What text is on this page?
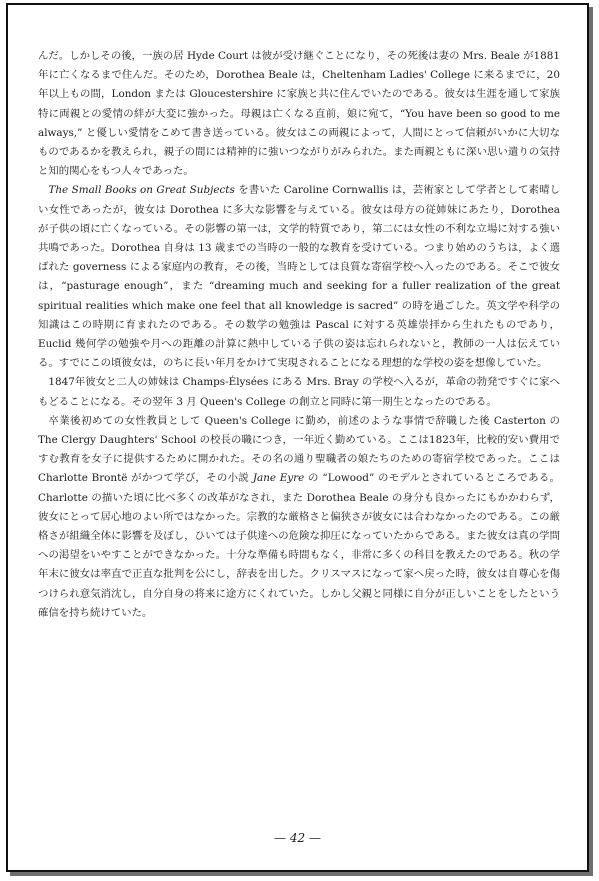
んだ。しかしその後，一族の居 Hyde Court は彼が受け継ぐことになり，その死後は妻の Mrs. Beale が1881年に亡くなるまで住んだ。そのため，Dorothea Beale は，Cheltenham Ladies' College に来るまでに，20年以上もの間，London または Gloucestershire に家族と共に住んでいたのである。彼女は生涯を通して家族特に両親との愛情の絆が大変に強かった。母親は亡くなる直前，娘に宛て，“You have been so good to me always,” と優しい愛情をこめて書き送っている。彼女はこの両親によって，人間にとって信頼がいかに大切なものであるかを教えられ，親子の間には精神的に強いつながりがみられた。また両親ともに深い思い遣りの気持と知的関心をもつ人々であった。

The Small Books on Great Subjects を書いた Caroline Cornwallis は，芸術家として学者として素晴しい女性であったが，彼女は Dorothea に多大な影響を与えている。彼女は母方の従姉妹にあたり，Dorothea が子供の頃に亡くなっている。その影響の第一は，文学的特質であり，第二には女性の不利な立場に対する強い共鳴であった。Dorothea 自身は 13 歳までの当時の一般的な教育を受けている。つまり始めのうちは，よく選ばれた governess による家庭内の教育，その後，当時としては良質な寄宿学校へ入ったのである。そこで彼女は，“pasturage enough”，また “dreaming much and seeking for a fuller realization of the great spiritual realities which make one feel that all knowledge is sacred” の時を過ごした。英文学や科学の知識はこの時期に育まれたのである。その数学の勉強は Pascal に対する英雄崇拝から生れたものであり，Euclid 幾何学の勉強や月への距離の計算に熱中している子供の姿は忘れられないと，教師の一人は伝えている。すでにこの頃彼女は，のちに長い年月をかけて実現されることになる理想的な学校の姿を想像していた。

1847年彼女と二人の姉妹は Champs-Élysées にある Mrs. Bray の学校へ入るが，革命の勃発ですぐに家へもどることになる。その翌年 3 月 Queen's College の創立と同時に第一期生となったのである。

卒業後初めての女性教員として Queen's College に勤め，前述のような事情で辞職した後 Casterton の The Clergy Daughters' School の校長の職につき，一年近く勤めている。ここは1823年，比較的安い費用ですむ教育を女子に提供するために開かれた。その名の通り聖職者の娘たちのための寄宿学校であった。ここは Charlotte Brontë がかつて学び，その小説 Jane Eyre の “Lowood” のモデルとされているところである。Charlotte の描いた頃に比べ多くの改革がなされ，また Dorothea Beale の身分も良かったにもかかわらず，彼女にとって居心地のよい所ではなかった。宗教的な厳格さと偏狭さが彼女には合わなかったのである。この厳格さが組織全体に影響を及ぼし，ひいては子供達への危険な抑圧になっていたからである。また彼女は真の学問への渇望をいやすことができなかった。十分な準備も時間もなく，非常に多くの科目を教えたのである。秋の学年末に彼女は率直で正直な批判を公にし，辞表を出した。クリスマスになって家へ戻った時，彼女は自尊心を傷つけられ意気消沈し，自分自身の将来に途方にくれていた。しかし父親と同様に自分が正しいことをしたという確信を持ち続けていた。

— 42 —
